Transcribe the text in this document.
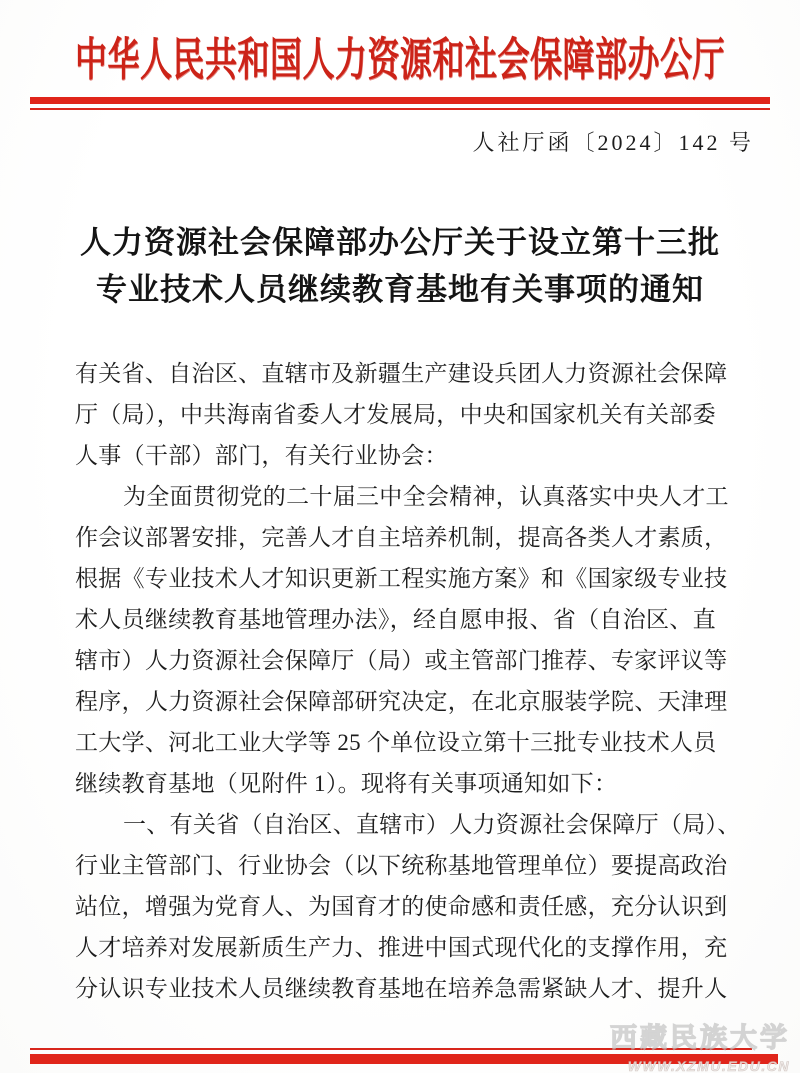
中华人民共和国人力资源和社会保障部办公厅
人社厅函〔2024〕142 号
人力资源社会保障部办公厅关于设立第十三批
专业技术人员继续教育基地有关事项的通知
有关省、自治区、直辖市及新疆生产建设兵团人力资源社会保障
厅（局），中共海南省委人才发展局，中央和国家机关有关部委
人事（干部）部门，有关行业协会：
为全面贯彻党的二十届三中全会精神，认真落实中央人才工
作会议部署安排，完善人才自主培养机制，提高各类人才素质，
根据《专业技术人才知识更新工程实施方案》和《国家级专业技
术人员继续教育基地管理办法》，经自愿申报、省（自治区、直
辖市）人力资源社会保障厅（局）或主管部门推荐、专家评议等
程序，人力资源社会保障部研究决定，在北京服装学院、天津理
工大学、河北工业大学等 25 个单位设立第十三批专业技术人员
继续教育基地（见附件 1）。现将有关事项通知如下：
一、有关省（自治区、直辖市）人力资源社会保障厅（局）、
行业主管部门、行业协会（以下统称基地管理单位）要提高政治
站位，增强为党育人、为国育才的使命感和责任感，充分认识到
人才培养对发展新质生产力、推进中国式现代化的支撑作用，充
分认识专业技术人员继续教育基地在培养急需紧缺人才、提升人
西藏民族大学
WWW.XZMU.EDU.CN
